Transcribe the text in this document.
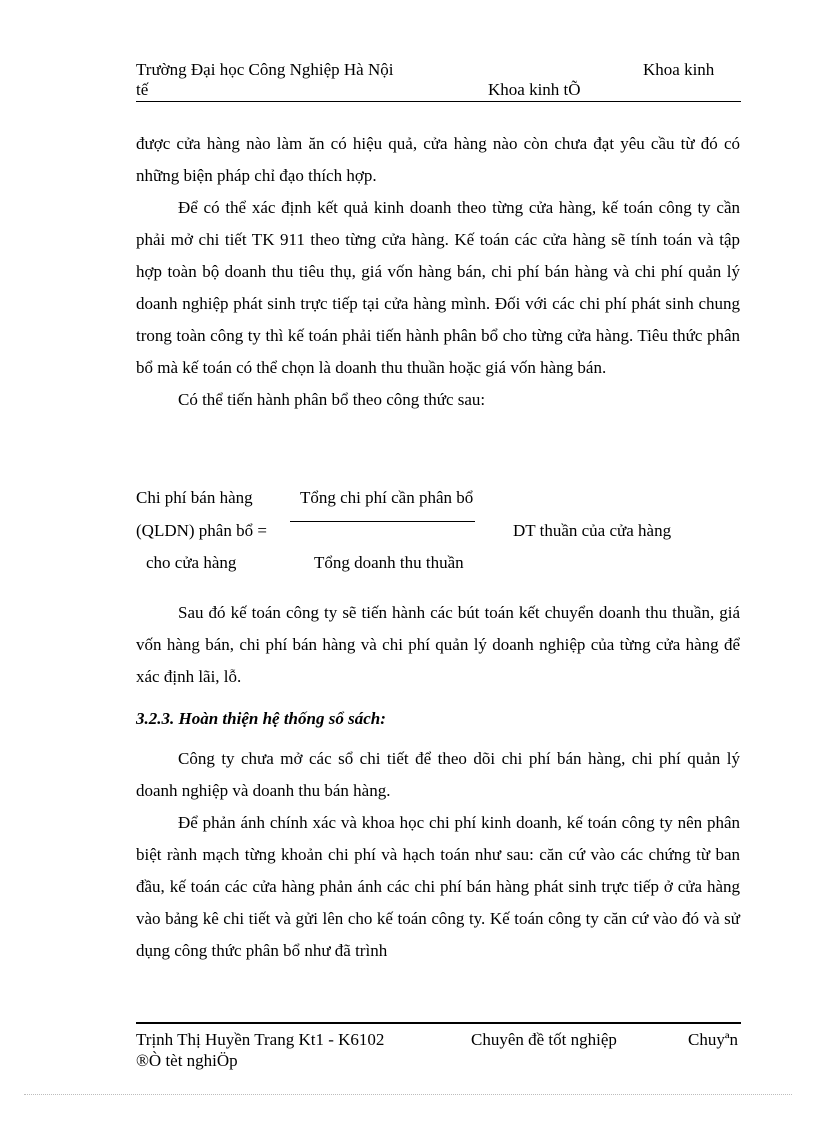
Trường Đại học Công Nghiệp Hà Nội	Khoa kinh
tế	Khoa kinh tÕ

được cửa hàng nào làm ăn có hiệu quả, cửa hàng nào còn chưa đạt yêu cầu từ đó có những biện pháp chỉ đạo thích hợp.

Để có thể xác định kết quả kinh doanh theo từng cửa hàng, kế toán công ty cần phải mở chi tiết TK 911 theo từng cửa hàng. Kế toán các cửa hàng sẽ tính toán và tập hợp toàn bộ doanh thu tiêu thụ, giá vốn hàng bán, chi phí bán hàng và chi phí quản lý doanh nghiệp phát sinh trực tiếp tại cửa hàng mình. Đối với các chi phí phát sinh chung trong toàn công ty thì kế toán phải tiến hành phân bổ cho từng cửa hàng. Tiêu thức phân bổ mà kế toán có thể chọn là doanh thu thuần hoặc giá vốn hàng bán.

Có thể tiến hành phân bổ theo công thức sau:

Chi phí bán hàng	Tổng chi phí cần phân bổ
(QLDN) phân bổ =	DT thuần của cửa hàng
cho cửa hàng	Tổng doanh thu thuần

Sau đó kế toán công ty sẽ tiến hành các bút toán kết chuyển doanh thu thuần, giá vốn hàng bán, chi phí bán hàng và chi phí quản lý doanh nghiệp của từng cửa hàng để xác định lãi, lỗ.

3.2.3. Hoàn thiện hệ thống sổ sách:

Công ty chưa mở các sổ chi tiết để theo dõi chi phí bán hàng, chi phí quản lý doanh nghiệp và doanh thu bán hàng.

Để phản ánh chính xác và khoa học chi phí kinh doanh, kế toán công ty nên phân biệt rành mạch từng khoản chi phí và hạch toán như sau: căn cứ vào các chứng từ ban đầu, kế toán các cửa hàng phản ánh các chi phí bán hàng phát sinh trực tiếp ở cửa hàng vào bảng kê chi tiết và gửi lên cho kế toán công ty. Kế toán công ty căn cứ vào đó và sử dụng công thức phân bổ như đã trình

Trịnh Thị Huyền Trang Kt1 - K6102	Chuyên đề tốt nghiệp	Chuyªn
®Ò tèt nghiÖp
